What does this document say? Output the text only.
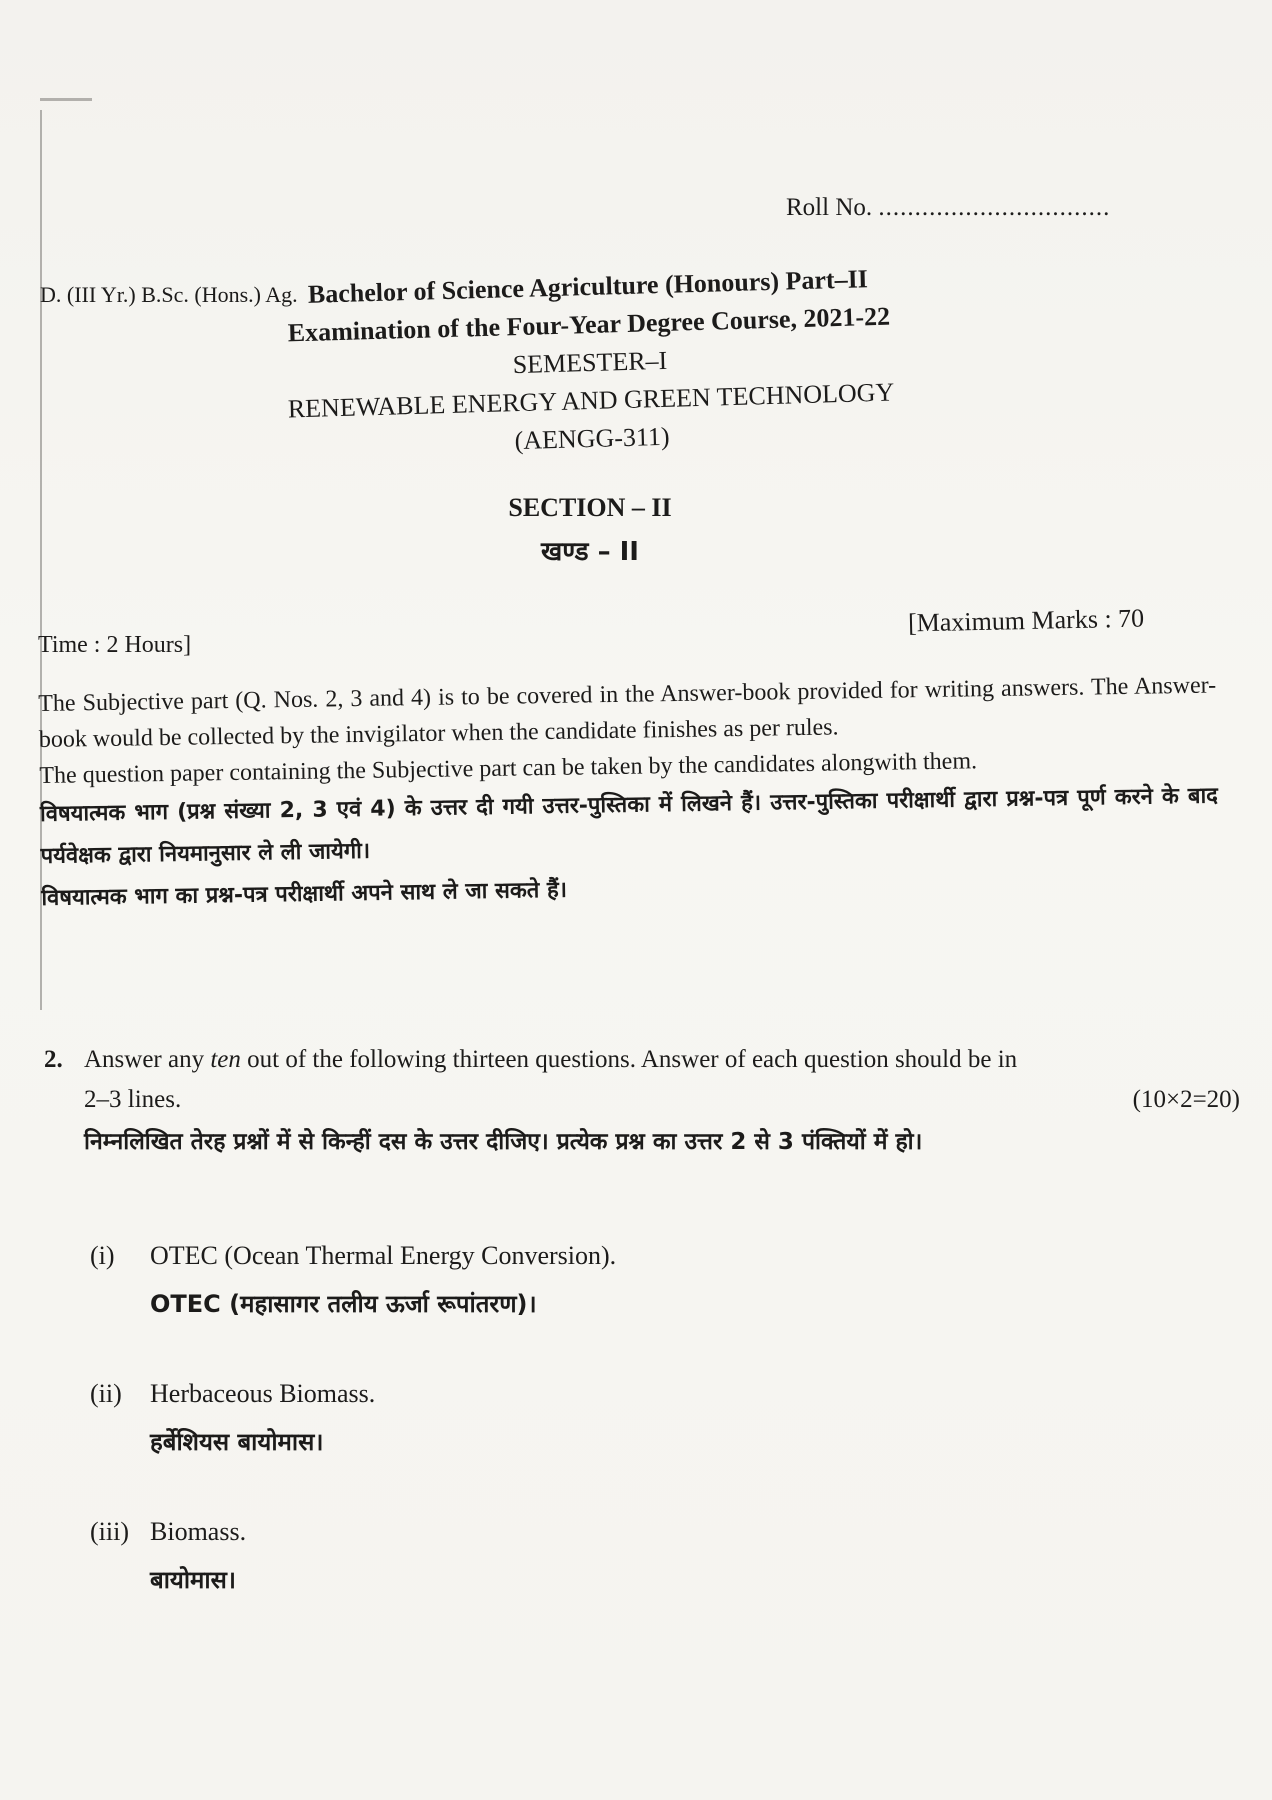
Roll No. ................................
D. (III Yr.) B.Sc. (Hons.) Ag. Bachelor of Science Agriculture (Honours) Part–II
Examination of the Four-Year Degree Course, 2021-22
SEMESTER–I
RENEWABLE ENERGY AND GREEN TECHNOLOGY
(AENGG-311)
SECTION – II
खण्ड – II
Time : 2 Hours]
[Maximum Marks : 70

The Subjective part (Q. Nos. 2, 3 and 4) is to be covered in the Answer-book provided for writing answers. The Answer-book would be collected by the invigilator when the candidate finishes as per rules.

The question paper containing the Subjective part can be taken by the candidates alongwith them.

विषयात्मक भाग (प्रश्न संख्या 2, 3 एवं 4) के उत्तर दी गयी उत्तर-पुस्तिका में लिखने हैं। उत्तर-पुस्तिका परीक्षार्थी द्वारा प्रश्न-पत्र पूर्ण करने के बाद पर्यवेक्षक द्वारा नियमानुसार ले ली जायेगी।

विषयात्मक भाग का प्रश्न-पत्र परीक्षार्थी अपने साथ ले जा सकते हैं।

2. Answer any ten out of the following thirteen questions. Answer of each question should be in
2–3 lines.	(10×2=20)
निम्नलिखित तेरह प्रश्नों में से किन्हीं दस के उत्तर दीजिए। प्रत्येक प्रश्न का उत्तर 2 से 3 पंक्तियों में हो।
(i) OTEC (Ocean Thermal Energy Conversion).
OTEC (महासागर तलीय ऊर्जा रूपांतरण)।
(ii) Herbaceous Biomass.
हर्बेशियस बायोमास।
(iii) Biomass.
बायोमास।
